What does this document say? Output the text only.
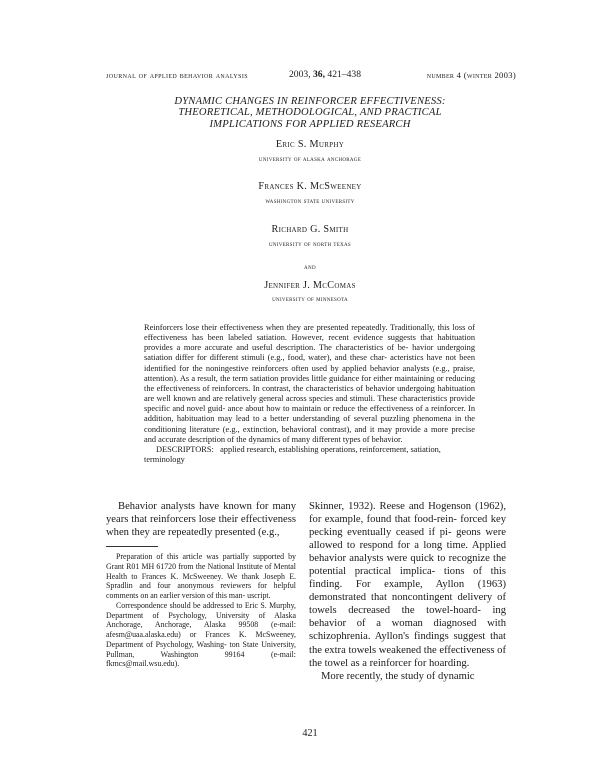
journal of applied behavior analysis	2003, 36, 421–438	number 4 (winter 2003)
DYNAMIC CHANGES IN REINFORCER EFFECTIVENESS:
THEORETICAL, METHODOLOGICAL, AND PRACTICAL
IMPLICATIONS FOR APPLIED RESEARCH
Eric S. Murphy
university of alaska anchorage
Frances K. McSweeney
washington state university
Richard G. Smith
university of north texas
and
Jennifer J. McComas
university of minnesota

Reinforcers lose their effectiveness when they are presented repeatedly. Traditionally, this loss of effectiveness has been labeled satiation. However, recent evidence suggests that habituation provides a more accurate and useful description. The characteristics of be- havior undergoing satiation differ for different stimuli (e.g., food, water), and these char- acteristics have not been identified for the noningestive reinforcers often used by applied behavior analysts (e.g., praise, attention). As a result, the term satiation provides little guidance for either maintaining or reducing the effectiveness of reinforcers. In contrast, the characteristics of behavior undergoing habituation are well known and are relatively general across species and stimuli. These characteristics provide specific and novel guid- ance about how to maintain or reduce the effectiveness of a reinforcer. In addition, habituation may lead to a better understanding of several puzzling phenomena in the conditioning literature (e.g., extinction, behavioral contrast), and it may provide a more precise and accurate description of the dynamics of many different types of behavior.

DESCRIPTORS: applied research, establishing operations, reinforcement, satiation, terminology

Behavior analysts have known for many years that reinforcers lose their effectiveness when they are repeatedly presented (e.g.,

Preparation of this article was partially supported by Grant R01 MH 61720 from the National Institute of Mental Health to Frances K. McSweeney. We thank Joseph E. Spradlin and four anonymous reviewers for helpful comments on an earlier version of this man- uscript.

Correspondence should be addressed to Eric S. Murphy, Department of Psychology, University of Alaska Anchorage, Anchorage, Alaska 99508 (e-mail: afesm@uaa.alaska.edu) or Frances K. McSweeney, Department of Psychology, Washing- ton State University, Pullman, Washington 99164	(e-mail: fkmcs@mail.wsu.edu).

Skinner, 1932). Reese and Hogenson (1962), for example, found that food-rein- forced key pecking eventually ceased if pi- geons were allowed to respond for a long time. Applied behavior analysts were quick to recognize the potential practical implica- tions of this finding. For example, Ayllon (1963) demonstrated that noncontingent delivery of towels decreased the towel-hoard- ing behavior of a woman diagnosed with schizophrenia. Ayllon's findings suggest that the extra towels weakened the effectiveness of the towel as a reinforcer for hoarding.

More recently, the study of dynamic

421
